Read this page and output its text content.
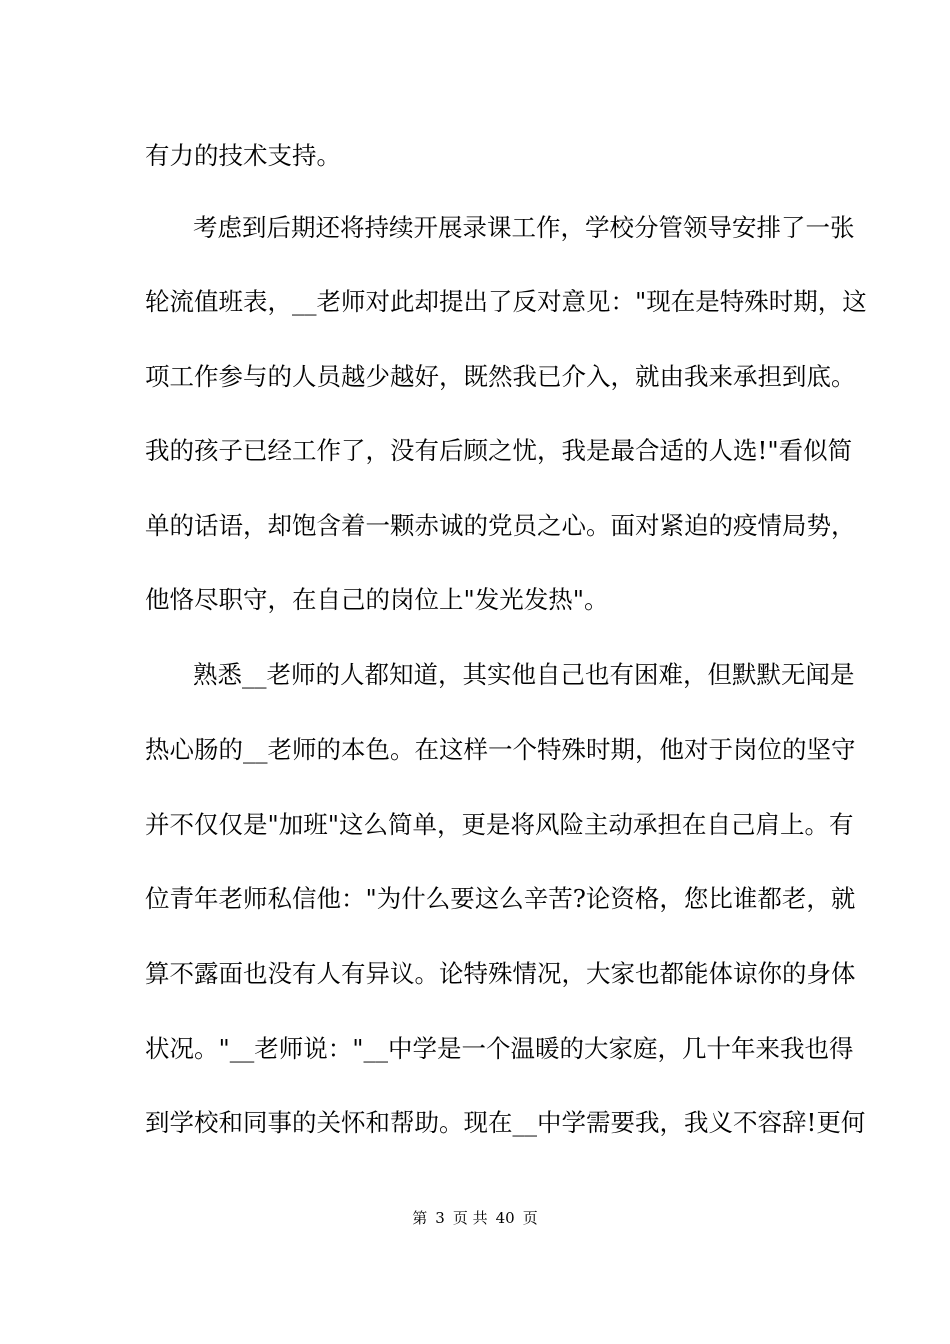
有力的技术支持。
考虑到后期还将持续开展录课工作，学校分管领导安排了一张
轮流值班表，__老师对此却提出了反对意见："现在是特殊时期，这
项工作参与的人员越少越好，既然我已介入，就由我来承担到底。
我的孩子已经工作了，没有后顾之忧，我是最合适的人选!"看似简
单的话语，却饱含着一颗赤诚的党员之心。面对紧迫的疫情局势，
他恪尽职守，在自己的岗位上"发光发热"。
熟悉__老师的人都知道，其实他自己也有困难，但默默无闻是
热心肠的__老师的本色。在这样一个特殊时期，他对于岗位的坚守
并不仅仅是"加班"这么简单，更是将风险主动承担在自己肩上。有
位青年老师私信他："为什么要这么辛苦?论资格，您比谁都老，就
算不露面也没有人有异议。论特殊情况，大家也都能体谅你的身体
状况。"__老师说："__中学是一个温暖的大家庭，几十年来我也得
到学校和同事的关怀和帮助。现在__中学需要我，我义不容辞!更何
第 3 页 共 40 页
